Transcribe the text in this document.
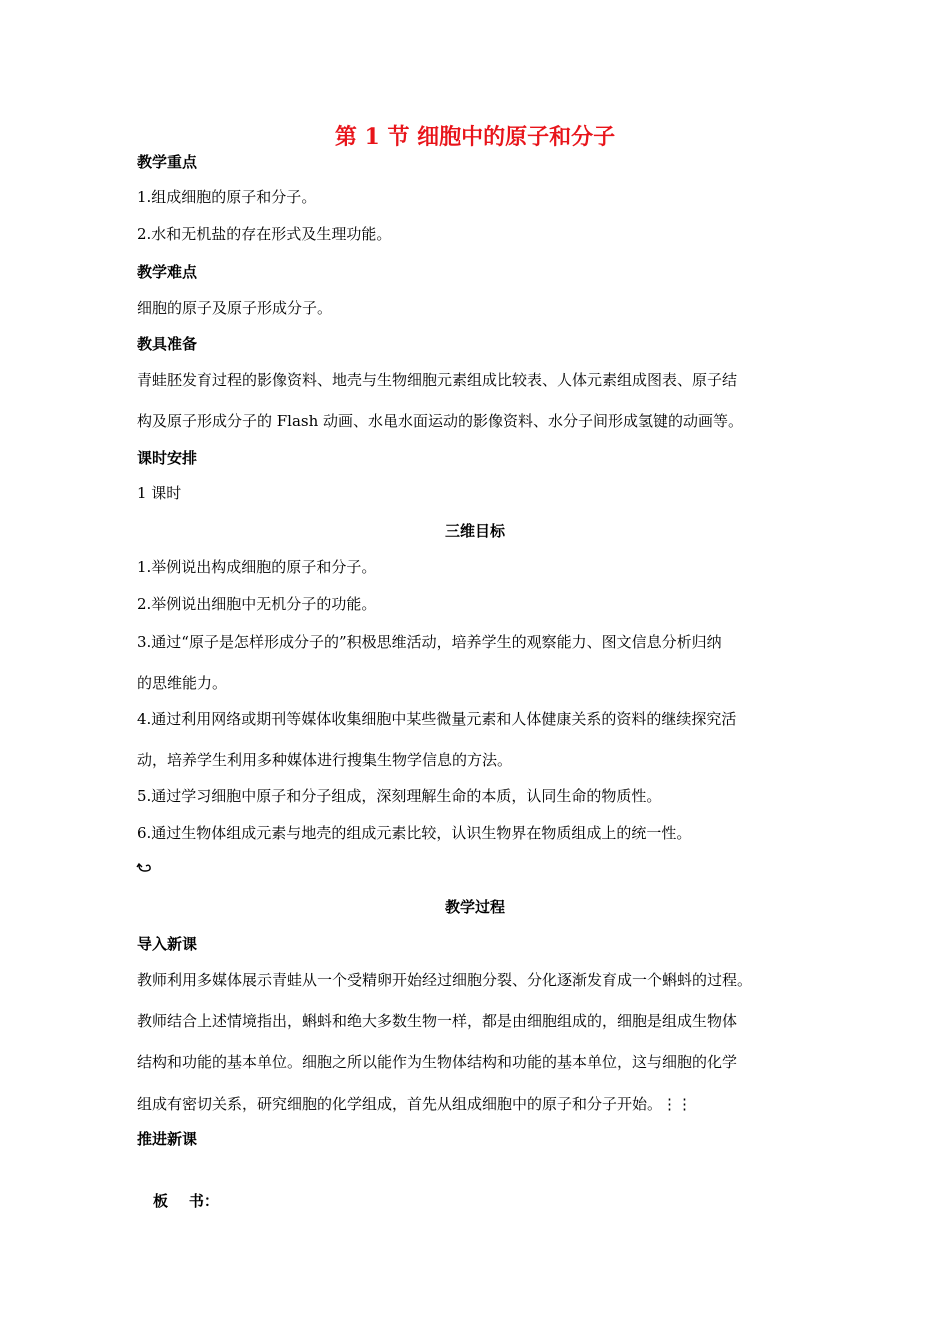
第 1 节 细胞中的原子和分子
教学重点
1.组成细胞的原子和分子。
2.水和无机盐的存在形式及生理功能。
教学难点
细胞的原子及原子形成分子。
教具准备
青蛙胚发育过程的影像资料、地壳与生物细胞元素组成比较表、人体元素组成图表、原子结
构及原子形成分子的 Flash 动画、水黾水面运动的影像资料、水分子间形成氢键的动画等。
课时安排
1 课时
三维目标
1.举例说出构成细胞的原子和分子。
2.举例说出细胞中无机分子的功能。
3.通过“原子是怎样形成分子的”积极思维活动，培养学生的观察能力、图文信息分析归纳
的思维能力。
4.通过利用网络或期刊等媒体收集细胞中某些微量元素和人体健康关系的资料的继续探究活
动，培养学生利用多种媒体进行搜集生物学信息的方法。
5.通过学习细胞中原子和分子组成，深刻理解生命的本质，认同生命的物质性。
6.通过生物体组成元素与地壳的组成元素比较，认识生物界在物质组成上的统一性。
教学过程
导入新课
教师利用多媒体展示青蛙从一个受精卵开始经过细胞分裂、分化逐渐发育成一个蝌蚪的过程。
教师结合上述情境指出，蝌蚪和绝大多数生物一样，都是由细胞组成的，细胞是组成生物体
结构和功能的基本单位。细胞之所以能作为生物体结构和功能的基本单位，这与细胞的化学
组成有密切关系，研究细胞的化学组成，首先从组成细胞中的原子和分子开始。⋮⋮
推进新课
板    书：
